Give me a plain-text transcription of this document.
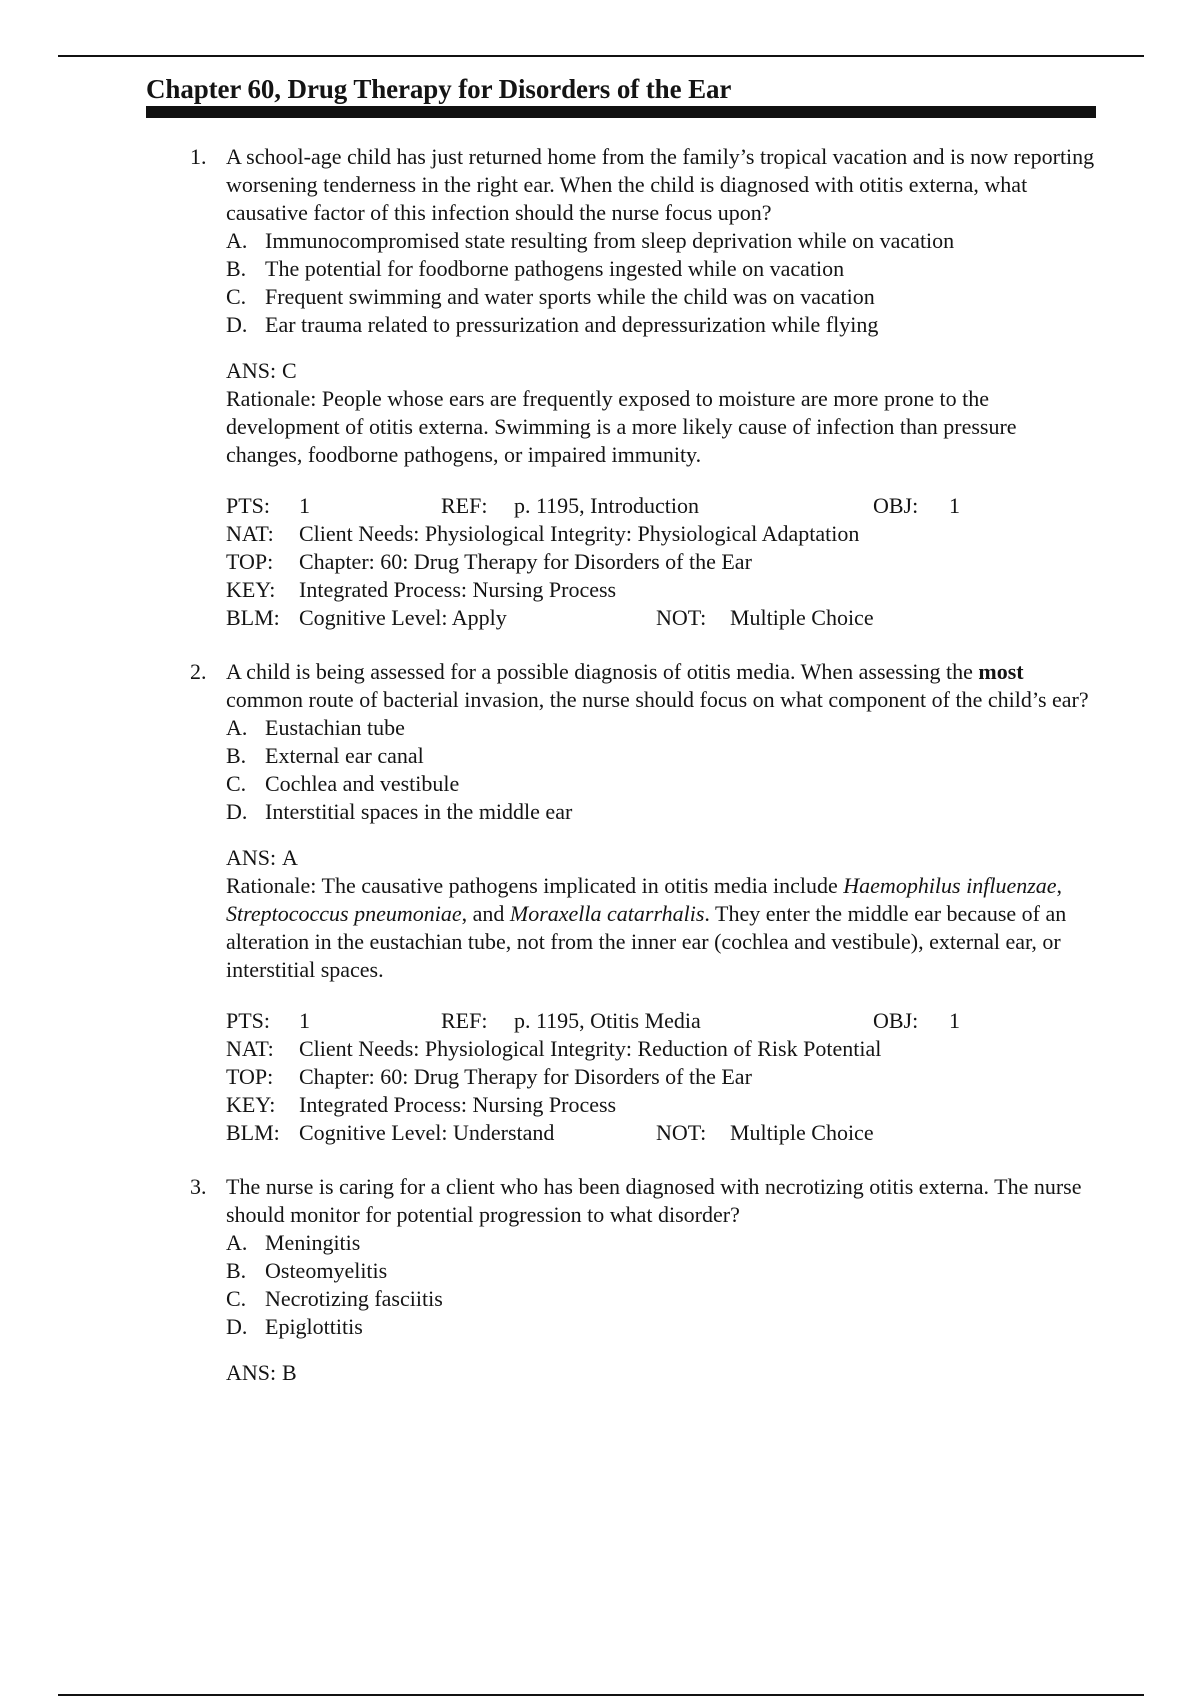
Chapter 60, Drug Therapy for Disorders of the Ear
1. A school-age child has just returned home from the family’s tropical vacation and is now reporting worsening tenderness in the right ear. When the child is diagnosed with otitis externa, what causative factor of this infection should the nurse focus upon?

A. Immunocompromised state resulting from sleep deprivation while on vacation
B. The potential for foodborne pathogens ingested while on vacation
C. Frequent swimming and water sports while the child was on vacation
D. Ear trauma related to pressurization and depressurization while flying
ANS: C

Rationale: People whose ears are frequently exposed to moisture are more prone to the development of otitis externa. Swimming is a more likely cause of infection than pressure changes, foodborne pathogens, or impaired immunity.

PTS: 1	REF: p. 1195, Introduction	OBJ: 1
NAT: Client Needs: Physiological Integrity: Physiological Adaptation
TOP: Chapter: 60: Drug Therapy for Disorders of the Ear
KEY: Integrated Process: Nursing Process
BLM: Cognitive Level: Apply	NOT: Multiple Choice
2. A child is being assessed for a possible diagnosis of otitis media. When assessing the most common route of bacterial invasion, the nurse should focus on what component of the child’s ear?

A. Eustachian tube
B. External ear canal
C. Cochlea and vestibule
D. Interstitial spaces in the middle ear
ANS: A

Rationale: The causative pathogens implicated in otitis media include Haemophilus influenzae, Streptococcus pneumoniae, and Moraxella catarrhalis. They enter the middle ear because of an alteration in the eustachian tube, not from the inner ear (cochlea and vestibule), external ear, or interstitial spaces.

PTS: 1	REF: p. 1195, Otitis Media	OBJ: 1
NAT: Client Needs: Physiological Integrity: Reduction of Risk Potential
TOP: Chapter: 60: Drug Therapy for Disorders of the Ear
KEY: Integrated Process: Nursing Process
BLM: Cognitive Level: Understand	NOT: Multiple Choice
3. The nurse is caring for a client who has been diagnosed with necrotizing otitis externa. The nurse should monitor for potential progression to what disorder?

A. Meningitis
B. Osteomyelitis
C. Necrotizing fasciitis
D. Epiglottitis
ANS: B
